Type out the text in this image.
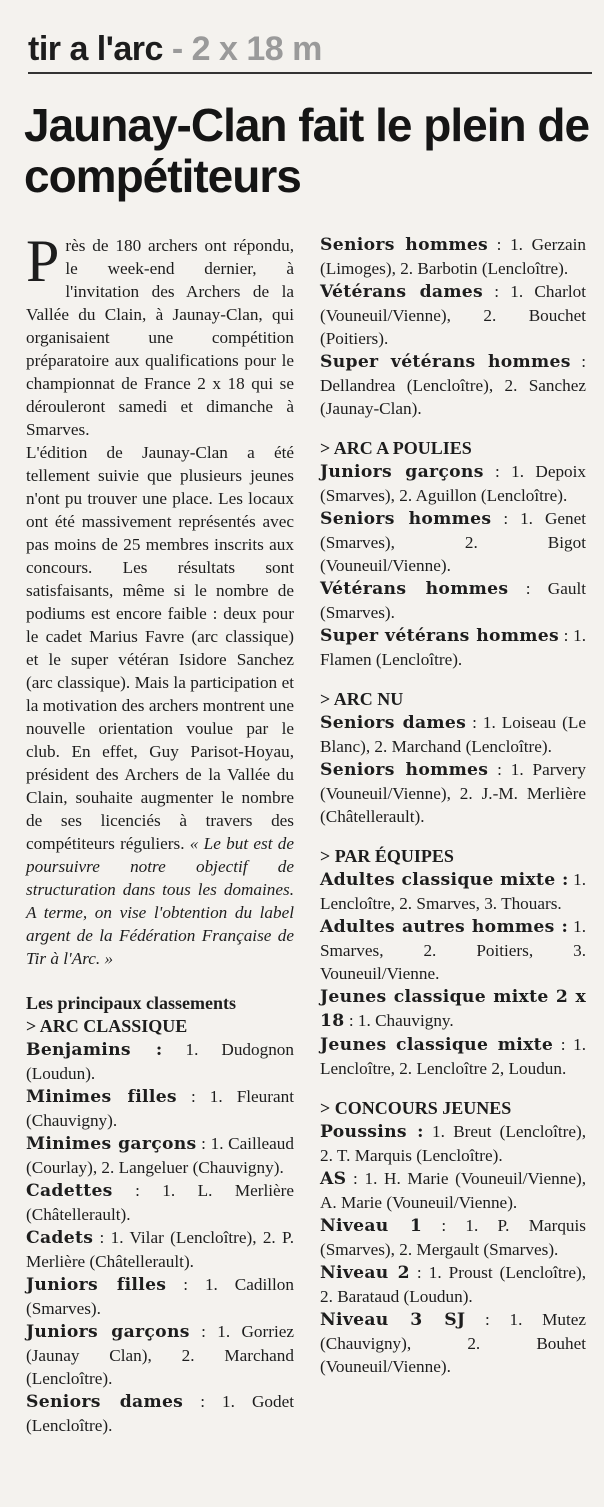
tir a l'arc - 2 x 18 m
Jaunay-Clan fait le plein de compétiteurs

Près de 180 archers ont répondu, le week-end dernier, à l'invitation des Archers de la Vallée du Clain, à Jaunay-Clan, qui organisaient une compétition préparatoire aux qualifications pour le championnat de France 2 x 18 qui se dérouleront samedi et dimanche à Smarves.

L'édition de Jaunay-Clan a été tellement suivie que plusieurs jeunes n'ont pu trouver une place. Les locaux ont été massivement représentés avec pas moins de 25 membres inscrits aux concours. Les résultats sont satisfaisants, même si le nombre de podiums est encore faible : deux pour le cadet Marius Favre (arc classique) et le super vétéran Isidore Sanchez (arc classique). Mais la participation et la motivation des archers montrent une nouvelle orientation voulue par le club. En effet, Guy Parisot-Hoyau, président des Archers de la Vallée du Clain, souhaite augmenter le nombre de ses licenciés à travers des compétiteurs réguliers. « Le but est de poursuivre notre objectif de structuration dans tous les domaines. A terme, on vise l'obtention du label argent de la Fédération Française de Tir à l'Arc. »

Les principaux classements

> ARC CLASSIQUE

Benjamins : 1. Dudognon (Loudun).

Minimes filles : 1. Fleurant (Chauvigny).

Minimes garçons : 1. Cailleaud (Courlay), 2. Langeluer (Chauvigny).

Cadettes : 1. L. Merlière (Châtellerault).

Cadets : 1. Vilar (Lencloître), 2. P. Merlière (Châtellerault).

Juniors filles : 1. Cadillon (Smarves).

Juniors garçons : 1. Gorriez (Jaunay Clan), 2. Marchand (Lencloître).

Seniors dames : 1. Godet (Lencloître).

Seniors hommes : 1. Gerzain (Limoges), 2. Barbotin (Lencloître).

Vétérans dames : 1. Charlot (Vouneuil/Vienne), 2. Bouchet (Poitiers).

Super vétérans hommes : Dellandrea (Lencloître), 2. Sanchez (Jaunay-Clan).

> ARC A POULIES

Juniors garçons : 1. Depoix (Smarves), 2. Aguillon (Lencloître).

Seniors hommes : 1. Genet (Smarves), 2. Bigot (Vouneuil/Vienne).

Vétérans hommes : Gault (Smarves).

Super vétérans hommes : 1. Flamen (Lencloître).

> ARC NU

Seniors dames : 1. Loiseau (Le Blanc), 2. Marchand (Lencloître).

Seniors hommes : 1. Parvery (Vouneuil/Vienne), 2. J.-M. Merlière (Châtellerault).

> PAR ÉQUIPES

Adultes classique mixte : 1. Lencloître, 2. Smarves, 3. Thouars.

Adultes autres hommes : 1. Smarves, 2. Poitiers, 3. Vouneuil/Vienne.

Jeunes classique mixte 2 x 18 : 1. Chauvigny.

Jeunes classique mixte : 1. Lencloître, 2. Lencloître 2, Loudun.

> CONCOURS JEUNES

Poussins : 1. Breut (Lencloître), 2. T. Marquis (Lencloître).

AS : 1. H. Marie (Vouneuil/Vienne), A. Marie (Vouneuil/Vienne).

Niveau 1 : 1. P. Marquis (Smarves), 2. Mergault (Smarves).

Niveau 2 : 1. Proust (Lencloître), 2. Barataud (Loudun).

Niveau 3 SJ : 1. Mutez (Chauvigny), 2. Bouhet (Vouneuil/Vienne).
